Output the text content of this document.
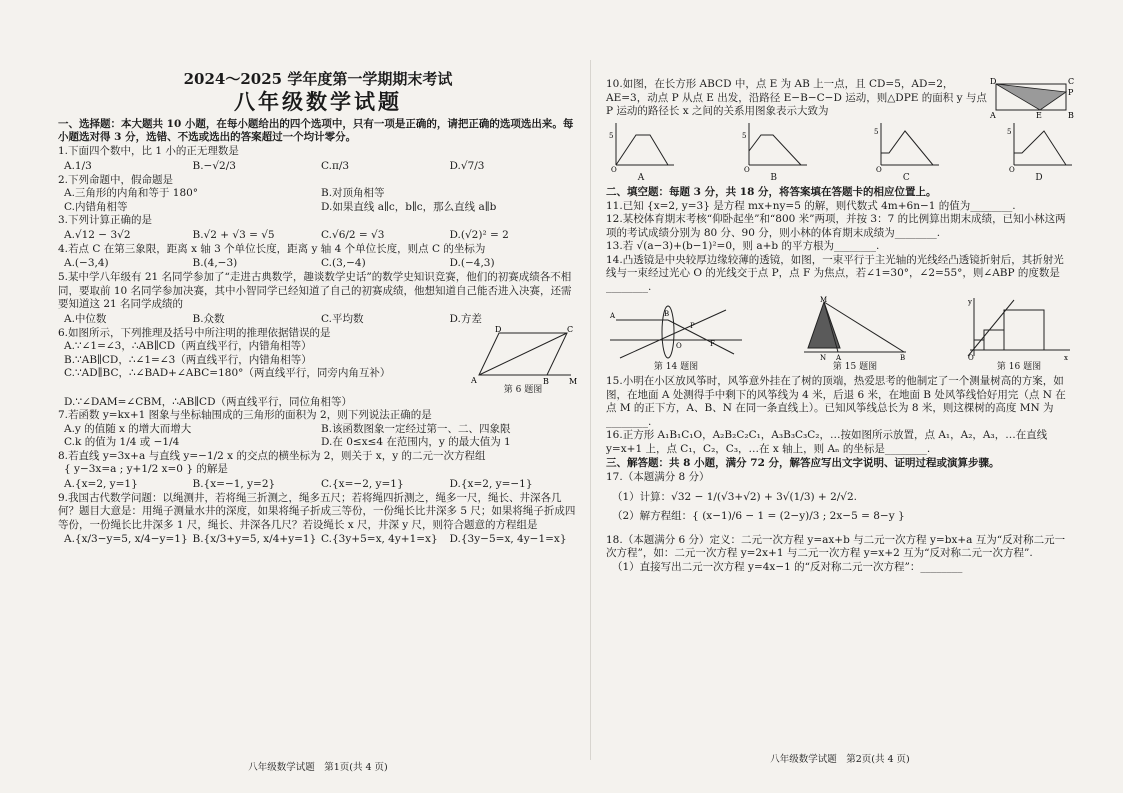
2024～2025 学年度第一学期期末考试
八年级数学试题

一、选择题：本大题共 10 小题，在每小题给出的四个选项中，只有一项是正确的，请把正确的选项选出来。每小题选对得 3 分，选错、不选或选出的答案超过一个均计零分。

1.下面四个数中，比 1 小的正无理数是

A.1/3	B.−√2/3	C.π/3	D.√7/3

2.下列命题中，假命题是

A.三角形的内角和等于 180°	B.对顶角相等
C.内错角相等	D.如果直线 a∥c，b∥c，那么直线 a∥b

3.下列计算正确的是

A.√12 − 3√2	B.√2 + √3 = √5	C.√6/2 = √3	D.(√2)² = 2

4.若点 C 在第三象限，距离 x 轴 3 个单位长度，距离 y 轴 4 个单位长度，则点 C 的坐标为

A.(−3,4)	B.(4,−3)	C.(3,−4)	D.(−4,3)

5.某中学八年级有 21 名同学参加了“走进古典数学，趣谈数学史话”的数学史知识竞赛，他们的初赛成绩各不相同，要取前 10 名同学参加决赛，其中小智同学已经知道了自己的初赛成绩，他想知道自己能否进入决赛，还需要知道这 21 名同学成绩的

A.中位数	B.众数	C.平均数	D.方差

6.如图所示，下列推理及括号中所注明的推理依据错误的是

A.∵∠1=∠3，∴AB∥CD（两直线平行，内错角相等）

B.∵AB∥CD，∴∠1=∠3（两直线平行，内错角相等）

C.∵AD∥BC，∴∠BAD+∠ABC=180°（两直线平行，同旁内角互补）

A	B
C
D
M
第 6 题图

D.∵∠DAM=∠CBM，∴AB∥CD（两直线平行，同位角相等）

7.若函数 y=kx+1 图象与坐标轴围成的三角形的面积为 2，则下列说法正确的是

A.y 的值随 x 的增大而增大	B.该函数图象一定经过第一、二、四象限
C.k 的值为 1/4 或 −1/4	D.在 0≤x≤4 在范围内，y 的最大值为 1

8.若直线 y=3x+a 与直线 y=−1/2 x 的交点的横坐标为 2，则关于 x，y 的二元一次方程组

{ y−3x=a ; y+1/2 x=0 } 的解是

A.{x=2, y=1}	B.{x=−1, y=2}	C.{x=−2, y=1}	D.{x=2, y=−1}

9.我国古代数学问题：以绳测井，若将绳三折测之，绳多五尺；若将绳四折测之，绳多一尺，绳长、井深各几何？题目大意是：用绳子测量水井的深度，如果将绳子折成三等份，一份绳长比井深多 5 尺；如果将绳子折成四等份，一份绳长比井深多 1 尺，绳长、井深各几尺？若设绳长 x 尺，井深 y 尺，则符合题意的方程组是

A.{x/3−y=5, x/4−y=1} B.{x/3+y=5, x/4+y=1} C.{3y+5=x, 4y+1=x}	D.{3y−5=x, 4y−1=x}
八年级数学试题　第1页(共 4 页)

10.如图，在长方形 ABCD 中，点 E 为 AB 上一点，且 CD=5，AD=2，AE=3，动点 P 从点 E 出发，沿路径 E−B−C−D 运动，则△DPE 的面积 y 与点 P 运动的路径长 x 之间的关系用图象表示大致为

D	C
A	E	B
P
5
O
A
5
O
B
5
O
C
5
O
D

二、填空题：每题 3 分，共 18 分，将答案填在答题卡的相应位置上。

11.已知 {x=2, y=3} 是方程 mx+ny=5 的解，则代数式 4m+6n−1 的值为________.

12.某校体育期末考核“仰卧起坐”和“800 米”两项，并按 3：7 的比例算出期末成绩，已知小林这两项的考试成绩分别为 80 分、90 分，则小林的体育期末成绩为________.

13.若 √(a−3)+(b−1)²=0，则 a+b 的平方根为________.

14.凸透镜是中央较厚边缘较薄的透镜，如图，一束平行于主光轴的光线经凸透镜折射后，其折射光线与一束经过光心 O 的光线交于点 P，点 F 为焦点，若∠1=30°，∠2=55°，则∠ABP 的度数是________.

A	B
O	F
P
第 14 题图
M
N A	B
第 15 题图
O	x
y
第 16 题图

15.小明在小区放风筝时，风筝意外挂在了树的顶端，热爱思考的他制定了一个测量树高的方案，如图，在地面 A 处测得手中剩下的风筝线为 4 米，后退 6 米，在地面 B 处风筝线恰好用完（点 N 在点 M 的正下方，A、B、N 在同一条直线上）。已知风筝线总长为 8 米，则这棵树的高度 MN 为________.

16.正方形 A₁B₁C₁O，A₂B₂C₂C₁，A₃B₃C₃C₂，…按如图所示放置，点 A₁，A₂，A₃，…在直线 y=x+1 上，点 C₁，C₂，C₃，…在 x 轴上，则 Aₙ 的坐标是________.

三、解答题：共 8 小题，满分 72 分，解答应写出文字说明、证明过程或演算步骤。

17.（本题满分 8 分）

（1）计算：√32 − 1/(√3+√2) + 3√(1/3) + 2/√2.

（2）解方程组：{ (x−1)/6 − 1 = (2−y)/3 ; 2x−5 = 8−y }

18.（本题满分 6 分）定义：二元一次方程 y=ax+b 与二元一次方程 y=bx+a 互为“反对称二元一次方程”，如：二元一次方程 y=2x+1 与二元一次方程 y=x+2 互为“反对称二元一次方程”.

（1）直接写出二元一次方程 y=4x−1 的“反对称二元一次方程”：________

八年级数学试题　第2页(共 4 页)
